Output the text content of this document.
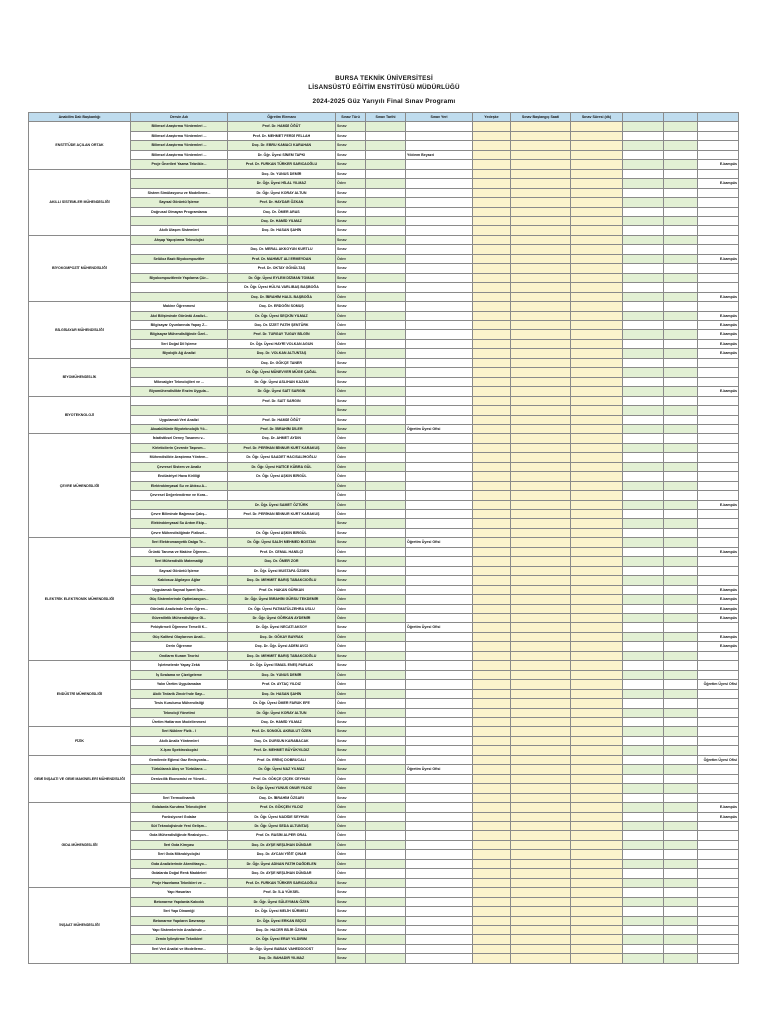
BURSA TEKNİK ÜNİVERSİTESİ
LİSANSÜSTÜ EĞİTİM ENSTİTÜSÜ MÜDÜRLÜĞÜ
2024-2025 Güz Yarıyılı Final Sınav Programı
Anabilim Dalı Başkanlığı	Dersin Adı	Öğretim Elemanı	Sınav Türü	Sınav Tarihi	Sınav Yeri	Yedeşke	Sınav Başlangıç Saati	Sınav Süresi (dk)			
ENSTİTÜDE AÇILAN ORTAK	Bilimsel Araştırma Yöntemleri ...	Prof. Dr. HAMDİ ÖĞÜT	Sınav								
	Bilimsel Araştırma Yöntemleri ...	Prof. Dr. MEHMET FERDİ FELLAH	Sınav								
	Bilimsel Araştırma Yöntemleri ...	Doç. Dr. EBRU KAMACI KARAHAN	Sınav								
	Bilimsel Araştırma Yöntemleri ...	Dr. Öğr. Üyesi SİNEM TAPKI	Sınav		Yıldırım Beyazıt						
	Proje Önerileri Yazma Teknikle...	Prof. Dr. FURKAN TÜRKER SARICAOĞLU	Sınav								E-kampüs
AKILLI SİSTEMLER MÜHENDİSLİĞİ		Doç. Dr. YUNUS DEMİR	Sınav								
		Dr. Öğr. Üyesi HİLAL YILMAZ	Ödev								E-kampüs
	Sistem Simülasyonu ve Modelleme...	Dr. Öğr. Üyesi KORAY ALTUN	Sınav								
	Sayısal Görüntü İşleme	Prof. Dr. HAYDAR ÖZKAN	Sınav								
	Doğrusal Olmayan Programlama	Doç. Dr. ÖMER ARAS	Sınav								
		Doç. Dr. HAMİD YILMAZ	Sınav								
	Akıllı Ulaşım Sistemleri	Doç. Dr. HASAN ŞAHİN	Sınav								
BİYOKOMPOZİT MÜHENDİSLİĞİ	Ahşap Yapıştırma Teknolojisi		Sınav								
		Doç. Dr. MERAL AKKOYUN KURTLU	Sınav								
	Selüloz Bazlı Biyokompozitler	Prof. Dr. MAHMUT ALİ ERMEYDAN	Ödev								E-kampüs
		Prof. Dr. OKTAY GÖNÜLTAŞ	Sınav								
	Biyokompozitlerde Yapılarna Çür...	Dr. Öğr. Üyesi EYLEM DİZMAN TOMAK	Sınav								
		Dr. Öğr. Üyesi HÜLYA VARLIBAŞ BAŞBOĞA	Sınav								
		Doç. Dr. İBRAHİM HALİL BAŞBOĞA	Ödev								E-kampüs
BİLGİSAYAR MÜHENDİSLİĞİ	Makine Öğrenmesi	Doç. Dr. ERDOĞN SOMUŞ	Sınav								
	Akıl Bilişiminde Görüntü Analizi...	Dr. Öğr. Üyesi SEÇKİN YILMAZ	Ödev								E-kampüs
	Bilgisayar Oyunlarında Yapay Z...	Doç. Dr. İZZET FATİH ŞENTÜRK	Ödev								E-kampüs
	Bilgisayar Mühendisliğinde Özel...	Prof. Dr. TURGAY TUGAY BİLGİN	Ödev								E-kampüs
	İleri Doğal Dil İşleme	Dr. Öğr. Üyesi HAYRİ VOLKAN AGUN	Ödev								E-kampüs
	Biyolojik Ağ Analizi	Doç. Dr. VOLKAN ALTUNTAŞ	Ödev								E-kampüs
BİYOMÜHENDİSLİK		Doç. Dr. GÖKÇE TANER	Sınav								
		Dr. Öğr. Üyesi MÜNEVVER MÜGE ÇAĞAL	Sınav								
	Mikroalgler Teknolojileri ve ...	Dr. Öğr. Üyesi ASLIHAN KAZAN	Sınav								
	Biyomühendislikte Enzim Uygula...	Dr. Öğr. Üyesi SAİT SARGIN	Ödev								E-kampüs
BİYOTEKNOLOJİ		Prof. Dr. SAİT SARGIN	Sınav								
			Sınav								
	Uygulamalı Veri Analizi	Prof. Dr. HAMDİ ÖĞÜT	Sınav								
	Akuakültürde Biyoteknolojik Yö...	Prof. Dr. İBRAHİM DİLER	Sınav		Öğretim Üyesi Ofisi						
ÇEVRE MÜHENDİSLİĞİ	İstatistiksel Deney Tasarımı v...	Doç. Dr. AHMET AYDIN	Ödev								
	Kirleticilerin Çevrede Taşınım...	Prof. Dr. PERİHAN BİNNUR KURT KARAKUŞ	Ödev								
	Mühendislikte Araştırma Yöntem...	Dr. Öğr. Üyesi SAADET HACISALİHOĞLU	Ödev								
	Çevresel Sistem ve Analiz	Dr. Öğr. Üyesi HATİCE KÜBRA GÜL	Ödev								
	Endüstriyel Hava Kirliliği	Dr. Öğr. Üyesi AŞKIN BİRGÜL	Ödev								
	Elektrokimyasal Su ve Atıksu A...		Ödev								
	Çevresel Değerlendirme ve Kora...		Ödev								
		Dr. Öğr. Üyesi SAMET ÖZTÜRK	Ödev								E-kampüs
	Çevre Biliminde Bağımsız Çalış...	Prof. Dr. PERİHAN BİNNUR KURT KARAKUŞ	Ödev								
	Elektrokimyasal Su Arıtım Ekip...		Sınav								
	Çevre Mühendisliğinde Fiziksel...	Dr. Öğr. Üyesi AŞKIN BİRGÜL	Sınav								
ELEKTRİK ELEKTRONİK MÜHENDİSLİĞİ	İleri Elektromanyetik Dalga Te...	Dr. Öğr. Üyesi SALİH MEHMED BOSTAN	Sınav		Öğretim Üyesi Ofisi						
	Örüntü Tanıma ve Makine Öğrenm...	Prof. Dr. CEMAL HANİLÇİ	Ödev								E-kampüs
	İleri Mühendislik Matematiği	Doç. Dr. ÖMER ZOR	Sınav								
	Sayısal Görüntü İşleme	Dr. Öğr. Üyesi MUSTAFA ÖZDEN	Sınav								
	Kablosuz Algılayıcı Ağlar	Doç. Dr. MEHMET BARIŞ TABAKCIOĞLU	Sınav								
	Uygulamalı Sayısal İşaret İşle...	Prof. Dr. HAKAN GÜRKAN	Ödev								E-kampüs
	Güç Sistemlerinde Optimizasyon...	Dr. Öğr. Üyesi İBRAHİM GÜRSU TEKDEMİR	Ödev								E-kampüs
	Görüntü Analizinde Derin Öğren...	Dr. Öğr. Üyesi FATMATÜLZEHRA USLU	Ödev								E-kampüs
	Güvenilirlik Mühendisliğine Gi...	Dr. Öğr. Üyesi GÖRKAN AYDEMİR	Ödev								E-kampüs
	Pekiştirmeli Öğrenme Temelli K...	Dr. Öğr. Üyesi NECATİ AKSOY	Sınav		Öğretim Üyesi Ofisi						
	Güç Kalitesi Olaylarının Anali...	Doç. Dr. GÖKAY BAYRAK	Ödev								E-kampüs
	Derin Öğrenme	Doç. Dr. Öğr. Üyesi ADEM AVCI	Ödev								E-kampüs
	Ondlarm Kuram Teorisi	Doç. Dr. MEHMET BARIŞ TABAKCIOĞLU	Sınav								
ENDÜSTRİ MÜHENDİSLİĞİ	İşletmelerde Yapay Zekâ	Dr. Öğr. Üyesi İSMAİL ENEŞ PARLAK	Sınav								
	İş Sıralama ve Çizelgeleme	Doç. Dr. YUNUS DEMİR	Ödev								
	Yalın Üretim Uygulamaları	Prof. Dr. AYTAÇ YILDIZ	Ödev								Öğretim Üyesi Ofisi
	Akıllı Tedarik Zinciri'nde Sayı...	Doç. Dr. HASAN ŞAHİN	Ödev								
	Tesis Kurulumu Mühendisliği	Dr. Öğr. Üyesi ÖMER FARUK EFE	Ödev								
	Teknoloji Yönetimi	Dr. Öğr. Üyesi KORAY ALTUN	Ödev								
	Üretim Hatlarının Modellenmesi	Doç. Dr. HAMİD YILMAZ	Sınav								
FİZİK	İleri Nükleer Fizik - I	Prof. Dr. SONGÜL AKBULUT ÖZEN	Sınav								
	Akıllı Analiz Yöntemleri	Doç. Dr. DURSUN KARABACAK	Sınav								
	X-Işını Spektroskopisi	Prof. Dr. MEHMET BÜYÜKYILDIZ	Sınav								
GEMİ İNŞAATI VE GEMİ MAKİNELERİ MÜHENDİSLİĞİ	Gemilerde Eğimsi Gaz Emisyonla...	Prof. Dr. ERİNÇ DOBRUCALI	Ödev								Öğretim Üyesi Ofisi
	Türbülanslı Akış ve Türbülans ...	Dr. Öğr. Üyesi NAZ YILMAZ	Sınav		Öğretim Üyesi Ofisi						
	Denizcilik Ekonomisi ve Yöneti...	Prof. Dr. GÖKÇE ÇİÇEK CEYHUN	Ödev								
		Dr. Öğr. Üyesi YUNUS ONUR YILDIZ	Ödev								
	İleri Termodinamik	Doç. Dr. İBRAHİM ÖZSARI	Sınav								
GIDA MÜHENDİSLİĞİ	Gıdalarda Kurutma Teknolojileri	Prof. Dr. GÖKÇEN YILDIZ	Ödev								E-kampüs
	Fonksiyonel Gıdalar	Dr. Öğr. Üyesi NADİDE SEYHUN	Ödev								E-kampüs
	Süt Teknolojisinde Yeni Gelişm...	Dr. Öğr. Üyesi SEDA ALTUNTAŞ	Ödev								
	Gıda Mühendisliğinde Reaksiyon...	Prof. Dr. RASİM ALPER ORAL	Ödev								
	İleri Gıda Kimyası	Doç. Dr. AYŞE NEŞLİHAN DÜNDAR	Ödev								
	İleri Gıda Mikrobiyolojisi	Doç. Dr. AYCAN YİĞİT ÇINAR	Ödev								
	Gıda Analizlerinde Akreditasyo...	Dr. Öğr. Üyesi ADNAN FATİH DAĞDELEN	Ödev								
	Gıdalarda Doğal Renk Maddeleri	Doç. Dr. AYŞE NEŞLİHAN DÜNDAR	Ödev								
	Proje Hazırlama Teknikleri ve ...	Prof. Dr. FURKAN TÜRKER SARICAOĞLU	Sınav								
İNŞAAT MÜHENDİSLİĞİ	Yapı Hasarları	Prof. Dr. İLA YÜKSEL	Sınav								
	Betonarme Yapılarda Kalıcılık	Dr. Öğr. Üyesi SÜLEYMAN ÖZEN	Sınav								
	İleri Yapı Dinamiği	Dr. Öğr. Üyesi MELİH SÜRMELİ	Sınav								
	Betonarme Yapıların Davranışı	Dr. Öğr. Üyesi ERKAN BİÇİCİ	Sınav								
	Yapı Sistemlerinin Analizinde ...	Doç. Dr. HACER BİLİR ÖZHAN	Sınav								
	Zemin İyileştirme Teknikleri	Dr. Öğr. Üyesi ERAY YILDIRIM	Sınav								
	İleri Veri Analizi ve Modelleme...	Dr. Öğr. Üyesi BABAK VAHEDDOOST	Sınav								
		Doç. Dr. BAHADIR YILMAZ	Sınav								
